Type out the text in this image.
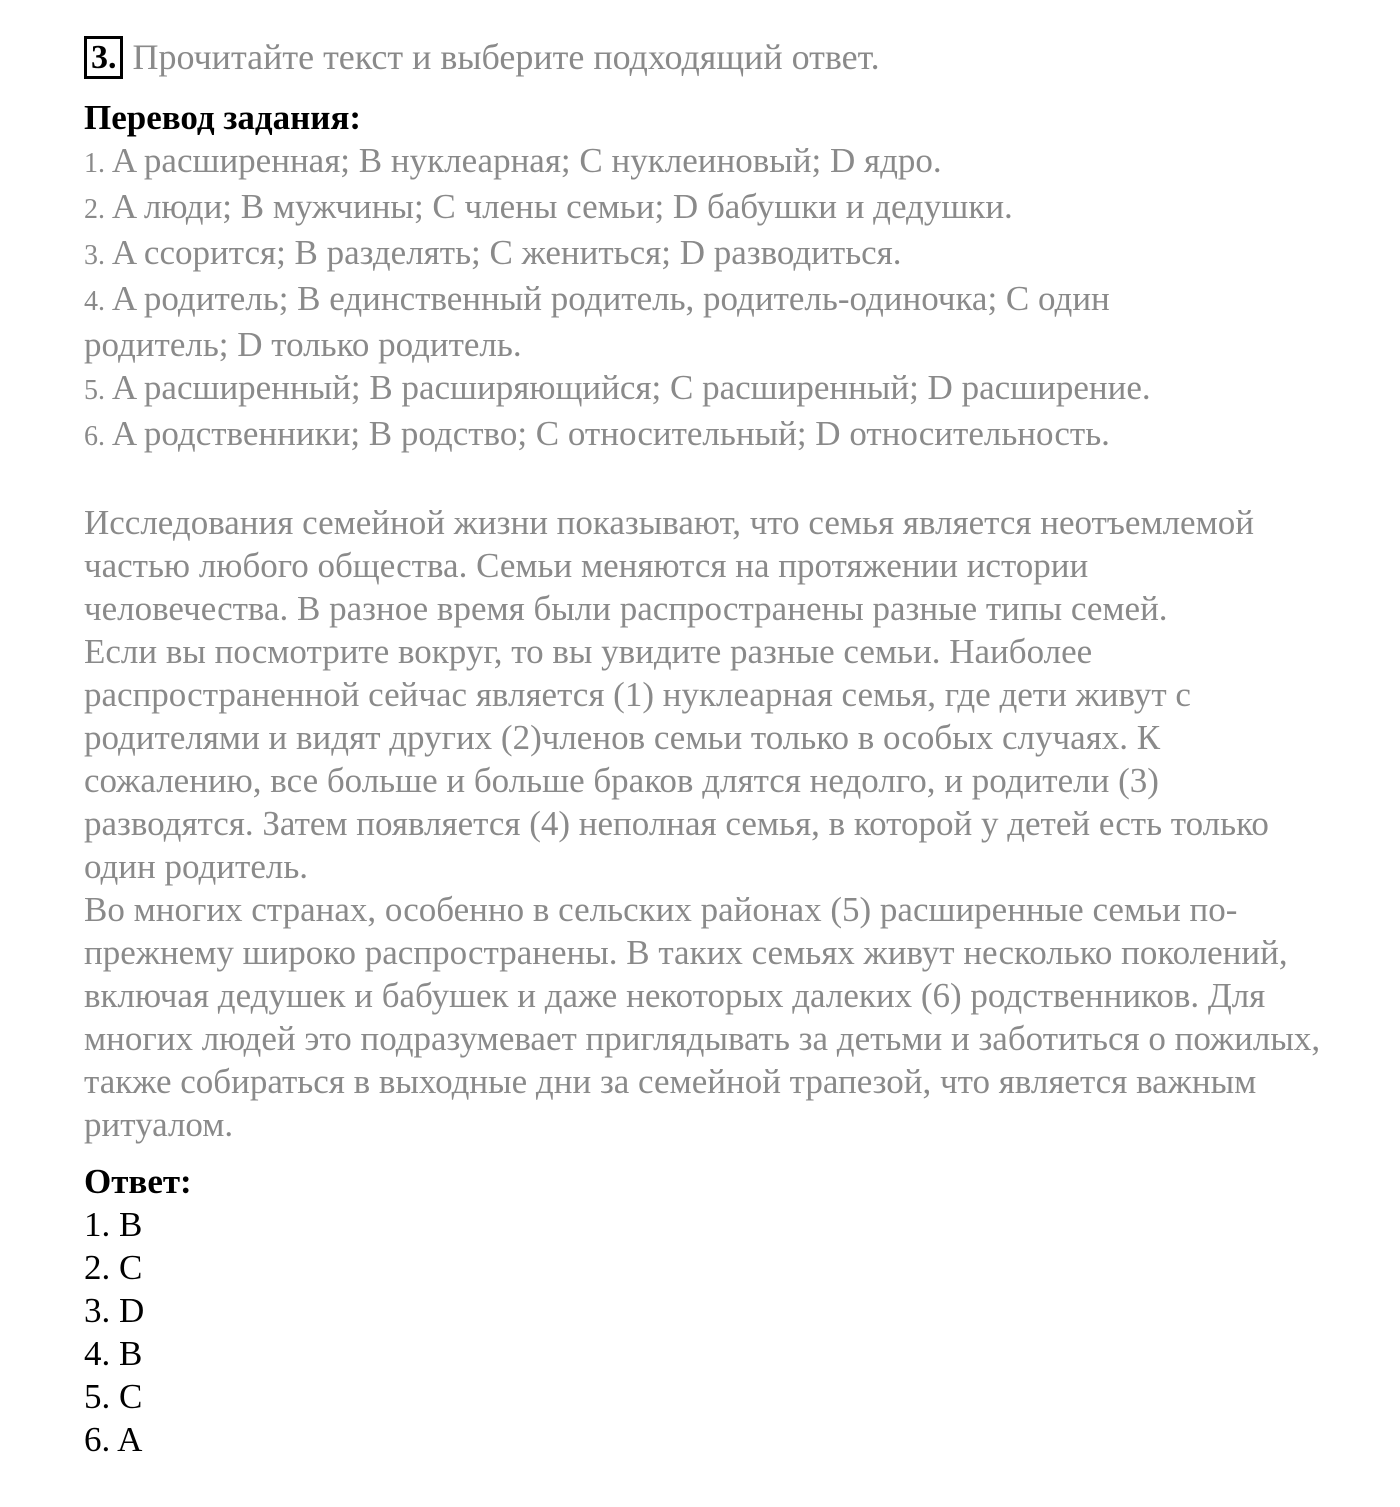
3. Прочитайте текст и выберите подходящий ответ.
Перевод задания:
1. A расширенная; B нуклеарная; C нуклеиновый; D ядро.
2. A люди; B мужчины; C члены семьи; D бабушки и дедушки.
3. A ссорится; B разделять; C жениться; D разводиться.
4. A родитель; B единственный родитель, родитель-одиночка; C один родитель; D только родитель.
5. A расширенный; B расширяющийся; C расширенный; D расширение.
6. A родственники; B родство; C относительный; D относительность.

Исследования семейной жизни показывают, что семья является неотъемлемой частью любого общества. Семьи меняются на протяжении истории человечества. В разное время были распространены разные типы семей.

Если вы посмотрите вокруг, то вы увидите разные семьи. Наиболее распространенной сейчас является (1) нуклеарная семья, где дети живут с родителями и видят других (2)членов семьи только в особых случаях. К сожалению, все больше и больше браков длятся недолго, и родители (3) разводятся. Затем появляется (4) неполная семья, в которой у детей есть только один родитель.

Во многих странах, особенно в сельских районах (5) расширенные семьи по-прежнему широко распространены. В таких семьях живут несколько поколений, включая дедушек и бабушек и даже некоторых далеких (6) родственников. Для многих людей это подразумевает приглядывать за детьми и заботиться о пожилых, также собираться в выходные дни за семейной трапезой, что является важным ритуалом.

Ответ:
1. B
2. C
3. D
4. B
5. C
6. A
